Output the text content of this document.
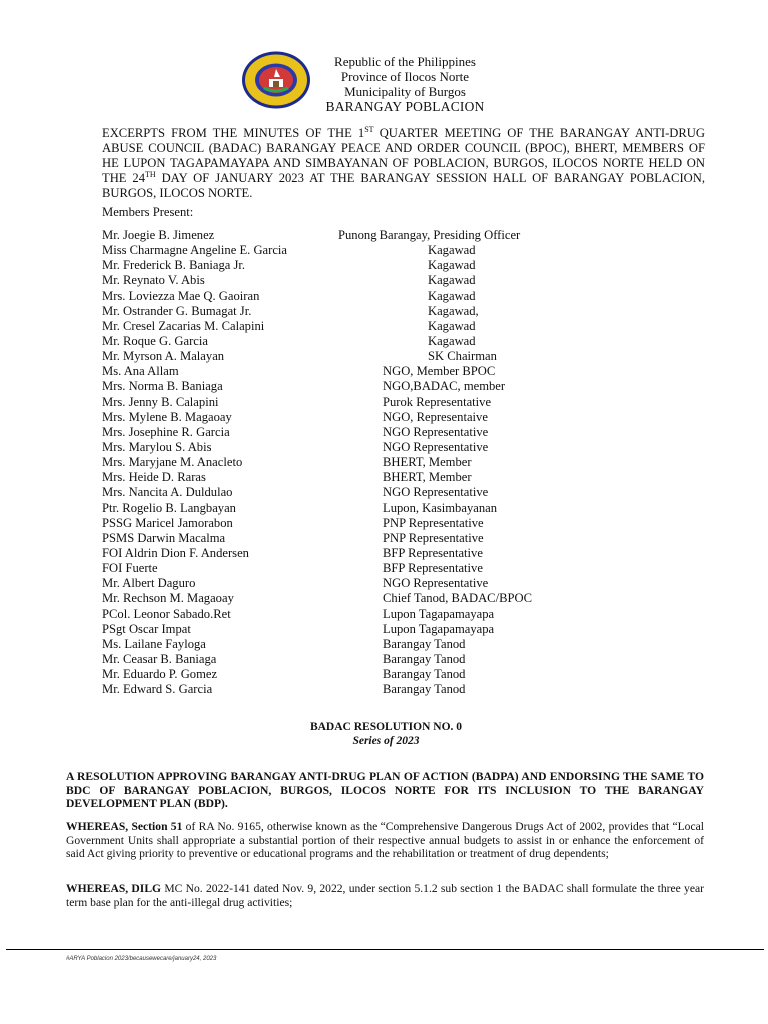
Republic of the Philippines
Province of Ilocos Norte
Municipality of Burgos
BARANGAY POBLACION
EXCERPTS FROM THE MINUTES OF THE 1ST QUARTER MEETING OF THE BARANGAY ANTI-DRUG ABUSE COUNCIL (BADAC) BARANGAY PEACE AND ORDER COUNCIL (BPOC), BHERT, MEMBERS OF HE LUPON TAGAPAMAYAPA AND SIMBAYANAN OF POBLACION, BURGOS, ILOCOS NORTE HELD ON THE 24TH DAY OF JANUARY 2023 AT THE BARANGAY SESSION HALL OF BARANGAY POBLACION, BURGOS, ILOCOS NORTE.
Members Present:
Mr. Joegie B. Jimenez	Punong Barangay, Presiding Officer
Miss Charmagne Angeline E. Garcia	Kagawad
Mr. Frederick B. Baniaga Jr.	Kagawad
Mr. Reynato V. Abis	Kagawad
Mrs. Loviezza Mae Q. Gaoiran	Kagawad
Mr. Ostrander G. Bumagat Jr.	Kagawad,
Mr. Cresel Zacarias M. Calapini	Kagawad
Mr. Roque G. Garcia	Kagawad
Mr. Myrson A. Malayan	SK Chairman
Ms. Ana Allam	NGO, Member BPOC
Mrs. Norma B. Baniaga	NGO,BADAC, member
Mrs. Jenny B. Calapini	Purok Representative
Mrs. Mylene B. Magaoay	NGO, Representaive
Mrs. Josephine R. Garcia	NGO Representative
Mrs. Marylou S. Abis	NGO Representative
Mrs. Maryjane M. Anacleto	BHERT, Member
Mrs. Heide D. Raras	BHERT, Member
Mrs. Nancita A. Duldulao	NGO Representative
Ptr. Rogelio B. Langbayan	Lupon, Kasimbayanan
PSSG Maricel Jamorabon	PNP Representative
PSMS Darwin Macalma	PNP Representative
FOI Aldrin Dion F. Andersen	BFP Representative
FOI Fuerte	BFP Representative
Mr. Albert Daguro	NGO Representative
Mr. Rechson M. Magaoay	Chief Tanod, BADAC/BPOC
PCol. Leonor Sabado.Ret	Lupon Tagapamayapa
PSgt Oscar Impat	Lupon Tagapamayapa
Ms. Lailane Fayloga	Barangay Tanod
Mr. Ceasar B. Baniaga	Barangay Tanod
Mr. Eduardo P. Gomez	Barangay Tanod
Mr. Edward S. Garcia	Barangay Tanod
BADAC RESOLUTION NO. 0
Series of 2023
A RESOLUTION APPROVING BARANGAY ANTI-DRUG PLAN OF ACTION (BADPA) AND ENDORSING THE SAME TO BDC OF BARANGAY POBLACION, BURGOS, ILOCOS NORTE FOR ITS INCLUSION TO THE BARANGAY DEVELOPMENT PLAN (BDP).
WHEREAS, Section 51 of RA No. 9165, otherwise known as the “Comprehensive Dangerous Drugs Act of 2002, provides that “Local Government Units shall appropriate a substantial portion of their respective annual budgets to assist in or enhance the enforcement of said Act giving priority to preventive or educational programs and the rehabilitation or treatment of drug dependents;
WHEREAS, DILG MC No. 2022-141 dated Nov. 9, 2022, under section 5.1.2 sub section 1 the BADAC shall formulate the three year term base plan for the anti-illegal drug activities;
#ARYA Poblacion 2023/becausewecare/january24, 2023
